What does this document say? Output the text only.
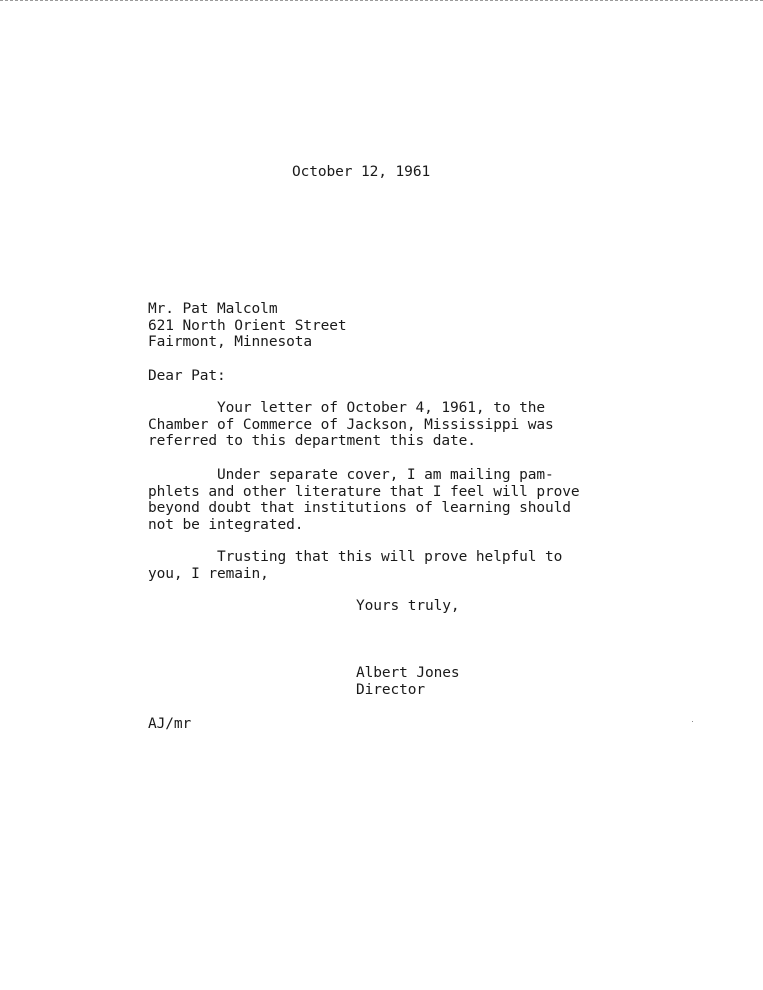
October 12, 1961
Mr. Pat Malcolm
621 North Orient Street
Fairmont, Minnesota
Dear Pat:
Your letter of October 4, 1961, to the
Chamber of Commerce of Jackson, Mississippi was
referred to this department this date.
Under separate cover, I am mailing pam-
phlets and other literature that I feel will prove
beyond doubt that institutions of learning should
not be integrated.
Trusting that this will prove helpful to
you, I remain,
Yours truly,
Albert Jones
Director
AJ/mr
